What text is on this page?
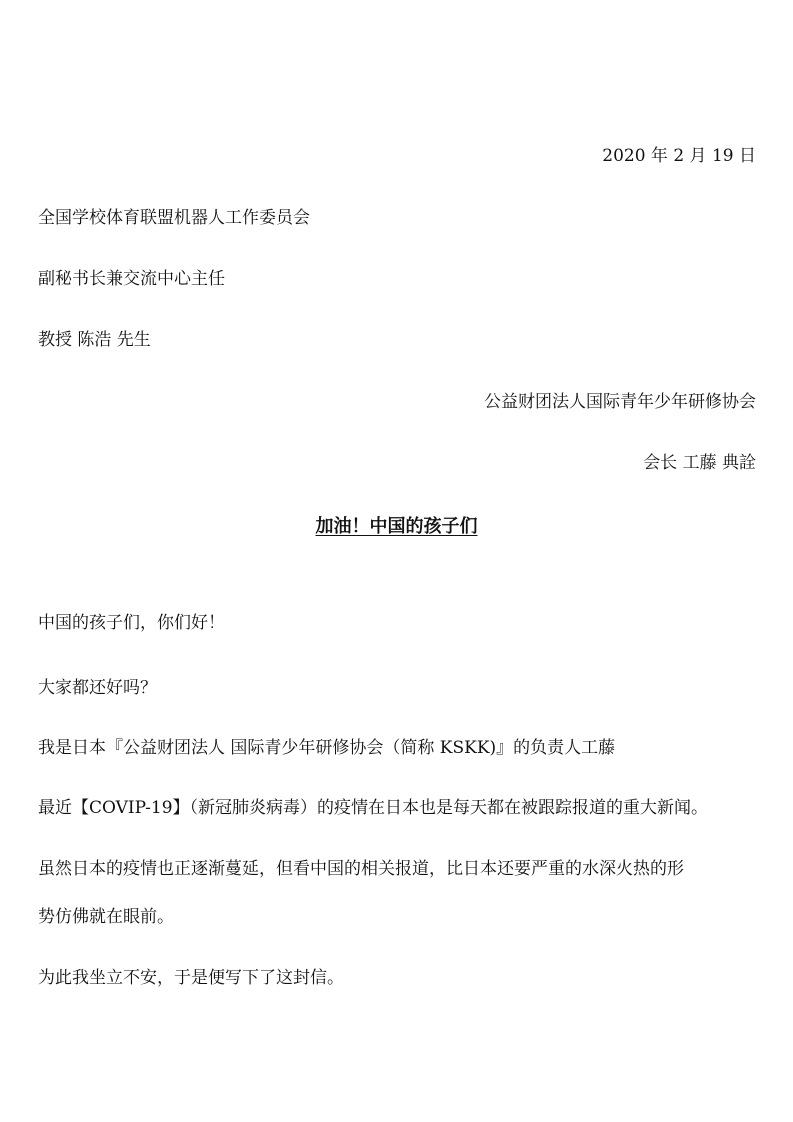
2020 年 2 月 19 日
全国学校体育联盟机器人工作委员会
副秘书长兼交流中心主任
教授 陈浩 先生
公益财团法人国际青年少年研修协会
会长 工藤 典詮
加油！中国的孩子们
中国的孩子们，你们好！
大家都还好吗？
我是日本『公益财团法人 国际青少年研修协会（简称 KSKK)』的负责人工藤
最近【COVIP-19】（新冠肺炎病毒）的疫情在日本也是每天都在被跟踪报道的重大新闻。
虽然日本的疫情也正逐渐蔓延，但看中国的相关报道，比日本还要严重的水深火热的形
势仿佛就在眼前。
为此我坐立不安，于是便写下了这封信。
